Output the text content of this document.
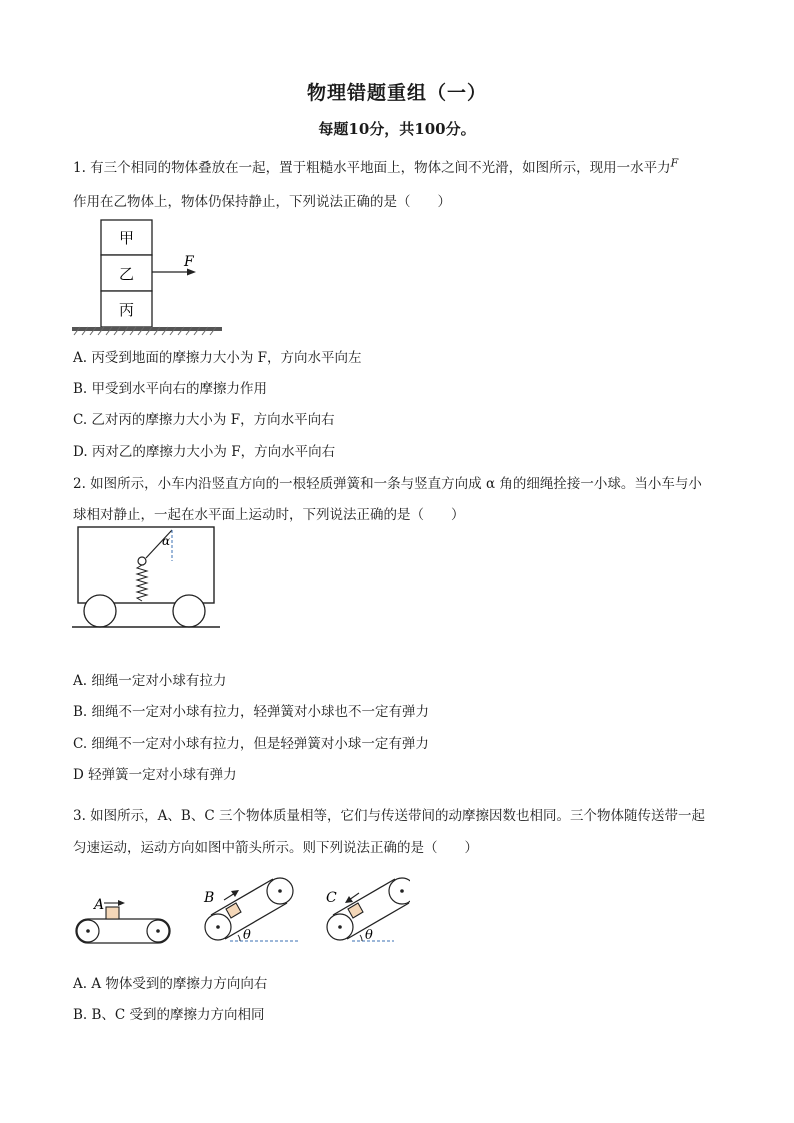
物理错题重组（一）
每题10分，共100分。
1. 有三个相同的物体叠放在一起，置于粗糙水平地面上，物体之间不光滑，如图所示，现用一水平力$^F$
作用在乙物体上，物体仍保持静止，下列说法正确的是（　　）
甲
乙
丙
F
A. 丙受到地面的摩擦力大小为 F，方向水平向左
B. 甲受到水平向右的摩擦力作用
C. 乙对丙的摩擦力大小为 F，方向水平向右
D. 丙对乙的摩擦力大小为 F，方向水平向右
2. 如图所示，小车内沿竖直方向的一根轻质弹簧和一条与竖直方向成 α 角的细绳拴接一小球。当小车与小
球相对静止，一起在水平面上运动时，下列说法正确的是（　　）
α
A. 细绳一定对小球有拉力
B. 细绳不一定对小球有拉力，轻弹簧对小球也不一定有弹力
C. 细绳不一定对小球有拉力，但是轻弹簧对小球一定有弹力
D 轻弹簧一定对小球有弹力
3. 如图所示，A、B、C 三个物体质量相等，它们与传送带间的动摩擦因数也相同。三个物体随传送带一起
匀速运动，运动方向如图中箭头所示。则下列说法正确的是（　　）
A	B
θ
C
θ
A. A 物体受到的摩擦力方向向右
B. B、C 受到的摩擦力方向相同
